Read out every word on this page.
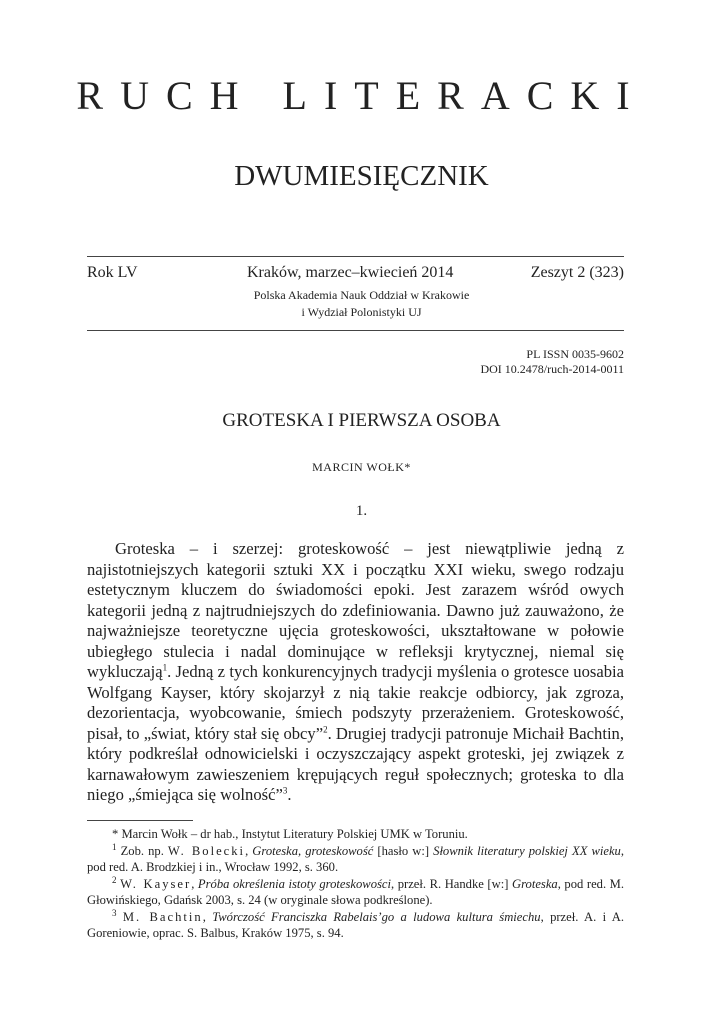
RUCH LITERACKI
DWUMIESIĘCZNIK
Rok LV	Kraków, marzec–kwiecień 2014	Zeszyt 2 (323)
Polska Akademia Nauk Oddział w Krakowie
i Wydział Polonistyki UJ
PL ISSN 0035-9602
DOI 10.2478/ruch-2014-0011
GROTESKA I PIERWSZA OSOBA
MARCIN WOŁK*
1.

Groteska – i szerzej: groteskowość – jest niewątpliwie jedną z najistotniejszych kategorii sztuki XX i początku XXI wieku, swego rodzaju estetycznym kluczem do świadomości epoki. Jest zarazem wśród owych kategorii jedną z najtrudniejszych do zdefiniowania. Dawno już zauważono, że najważniejsze teoretyczne ujęcia groteskowości, ukształtowane w połowie ubiegłego stulecia i nadal dominujące w refleksji krytycznej, niemal się wykluczają$^1$. Jedną z tych konkurencyjnych tradycji myślenia o grotesce uosabia Wolfgang Kayser, który skojarzył z nią takie reakcje odbiorcy, jak zgroza, dezorientacja, wyobcowanie, śmiech podszyty przerażeniem. Groteskowość, pisał, to „świat, który stał się obcy”$^2$. Drugiej tradycji patronuje Michaił Bachtin, który podkreślał odnowicielski i oczyszczający aspekt groteski, jej związek z karnawałowym zawieszeniem krępujących reguł społecznych; groteska to dla niego „śmiejąca się wolność”$^3$.

* Marcin Wołk – dr hab., Instytut Literatury Polskiej UMK w Toruniu.

$^1$ Zob. np. W. Bolecki, Groteska, groteskowość [hasło w:] Słownik literatury polskiej XX wieku, pod red. A. Brodzkiej i in., Wrocław 1992, s. 360.

$^2$ W. Kayser, Próba określenia istoty groteskowości, przeł. R. Handke [w:] Groteska, pod red. M. Głowińskiego, Gdańsk 2003, s. 24 (w oryginale słowa podkreślone).

$^3$ M. Bachtin, Twórczość Franciszka Rabelais’go a ludowa kultura śmiechu, przeł. A. i A. Goreniowie, oprac. S. Balbus, Kraków 1975, s. 94.
